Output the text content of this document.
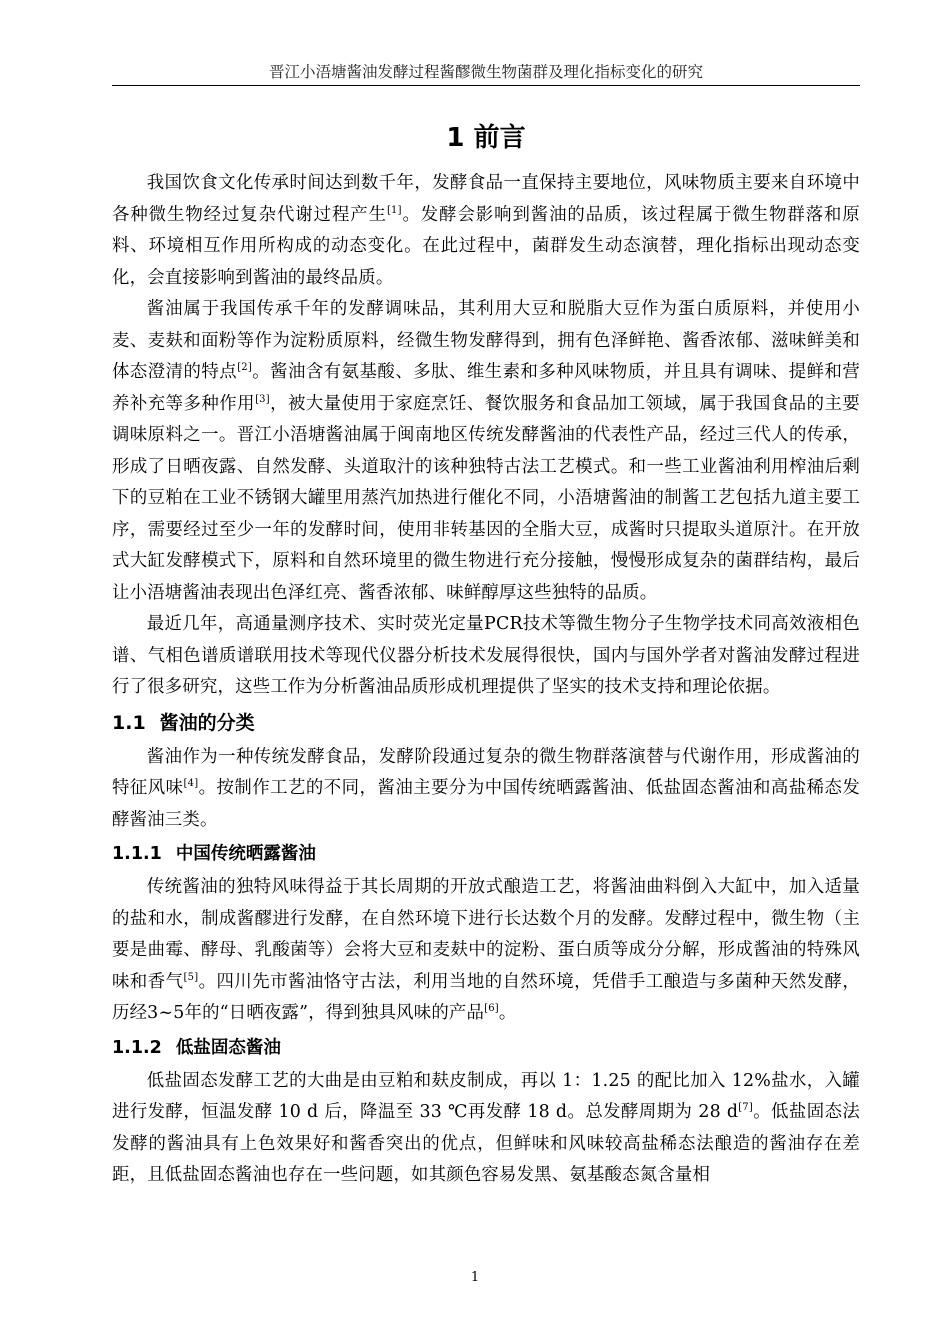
晋江小浯塘酱油发酵过程酱醪微生物菌群及理化指标变化的研究
1 前言

我国饮食文化传承时间达到数千年，发酵食品一直保持主要地位，风味物质主要来自环境中各种微生物经过复杂代谢过程产生[1]。发酵会影响到酱油的品质，该过程属于微生物群落和原料、环境相互作用所构成的动态变化。在此过程中，菌群发生动态演替，理化指标出现动态变化，会直接影响到酱油的最终品质。

酱油属于我国传承千年的发酵调味品，其利用大豆和脱脂大豆作为蛋白质原料，并使用小麦、麦麸和面粉等作为淀粉质原料，经微生物发酵得到，拥有色泽鲜艳、酱香浓郁、滋味鲜美和体态澄清的特点[2]。酱油含有氨基酸、多肽、维生素和多种风味物质，并且具有调味、提鲜和营养补充等多种作用[3]，被大量使用于家庭烹饪、餐饮服务和食品加工领域，属于我国食品的主要调味原料之一。晋江小浯塘酱油属于闽南地区传统发酵酱油的代表性产品，经过三代人的传承，形成了日晒夜露、自然发酵、头道取汁的该种独特古法工艺模式。和一些工业酱油利用榨油后剩下的豆粕在工业不锈钢大罐里用蒸汽加热进行催化不同，小浯塘酱油的制酱工艺包括九道主要工序，需要经过至少一年的发酵时间，使用非转基因的全脂大豆，成酱时只提取头道原汁。在开放式大缸发酵模式下，原料和自然环境里的微生物进行充分接触，慢慢形成复杂的菌群结构，最后让小浯塘酱油表现出色泽红亮、酱香浓郁、味鲜醇厚这些独特的品质。

最近几年，高通量测序技术、实时荧光定量PCR技术等微生物分子生物学技术同高效液相色谱、气相色谱质谱联用技术等现代仪器分析技术发展得很快，国内与国外学者对酱油发酵过程进行了很多研究，这些工作为分析酱油品质形成机理提供了坚实的技术支持和理论依据。

1.1 酱油的分类

酱油作为一种传统发酵食品，发酵阶段通过复杂的微生物群落演替与代谢作用，形成酱油的特征风味[4]。按制作工艺的不同，酱油主要分为中国传统晒露酱油、低盐固态酱油和高盐稀态发酵酱油三类。

1.1.1 中国传统晒露酱油

传统酱油的独特风味得益于其长周期的开放式酿造工艺，将酱油曲料倒入大缸中，加入适量的盐和水，制成酱醪进行发酵，在自然环境下进行长达数个月的发酵。发酵过程中，微生物（主要是曲霉、酵母、乳酸菌等）会将大豆和麦麸中的淀粉、蛋白质等成分分解，形成酱油的特殊风味和香气[5]。四川先市酱油恪守古法，利用当地的自然环境，凭借手工酿造与多菌种天然发酵，历经3~5年的“日晒夜露”，得到独具风味的产品[6]。

1.1.2 低盐固态酱油

低盐固态发酵工艺的大曲是由豆粕和麸皮制成，再以 1：1.25 的配比加入 12%盐水，入罐进行发酵，恒温发酵 10 d 后，降温至 33 ℃再发酵 18 d。总发酵周期为 28 d[7]。低盐固态法发酵的酱油具有上色效果好和酱香突出的优点，但鲜味和风味较高盐稀态法酿造的酱油存在差距，且低盐固态酱油也存在一些问题，如其颜色容易发黑、氨基酸态氮含量相

1
